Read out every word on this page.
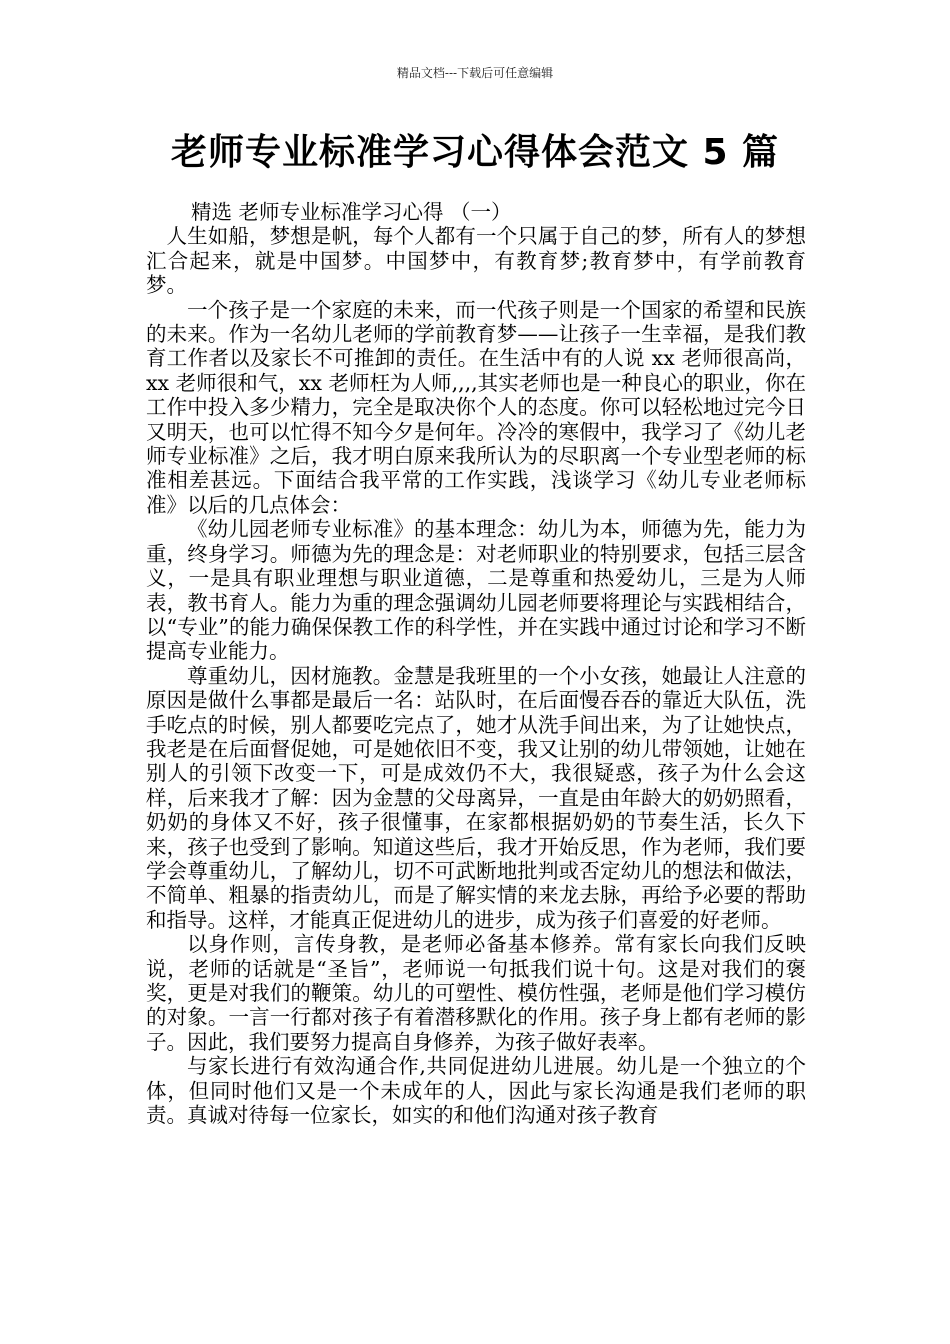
精品文档---下载后可任意编辑
老师专业标准学习心得体会范文 5 篇

精选 老师专业标准学习心得 （一）

人生如船，梦想是帆，每个人都有一个只属于自己的梦，所有人的梦想汇合起来，就是中国梦。中国梦中，有教育梦;教育梦中，有学前教育梦。

一个孩子是一个家庭的未来，而一代孩子则是一个国家的希望和民族的未来。作为一名幼儿老师的学前教育梦——让孩子一生幸福，是我们教育工作者以及家长不可推卸的责任。在生活中有的人说 xx 老师很高尚，xx 老师很和气，xx 老师枉为人师,,,,其实老师也是一种良心的职业，你在工作中投入多少精力，完全是取决你个人的态度。你可以轻松地过完今日又明天，也可以忙得不知今夕是何年。冷冷的寒假中，我学习了《幼儿老师专业标准》之后，我才明白原来我所认为的尽职离一个专业型老师的标准相差甚远。下面结合我平常的工作实践，浅谈学习《幼儿专业老师标准》以后的几点体会：

《幼儿园老师专业标准》的基本理念：幼儿为本，师德为先，能力为重，终身学习。师德为先的理念是：对老师职业的特别要求，包括三层含义，一是具有职业理想与职业道德，二是尊重和热爱幼儿，三是为人师表，教书育人。能力为重的理念强调幼儿园老师要将理论与实践相结合，以“专业”的能力确保保教工作的科学性，并在实践中通过讨论和学习不断提高专业能力。

尊重幼儿，因材施教。金慧是我班里的一个小女孩，她最让人注意的原因是做什么事都是最后一名：站队时，在后面慢吞吞的靠近大队伍，洗手吃点的时候，别人都要吃完点了，她才从洗手间出来，为了让她快点，我老是在后面督促她，可是她依旧不变，我又让别的幼儿带领她，让她在别人的引领下改变一下，可是成效仍不大，我很疑惑，孩子为什么会这样，后来我才了解：因为金慧的父母离异，一直是由年龄大的奶奶照看，奶奶的身体又不好，孩子很懂事，在家都根据奶奶的节奏生活，长久下来，孩子也受到了影响。知道这些后，我才开始反思，作为老师，我们要学会尊重幼儿，了解幼儿，切不可武断地批判或否定幼儿的想法和做法，不简单、粗暴的指责幼儿，而是了解实情的来龙去脉，再给予必要的帮助和指导。这样，才能真正促进幼儿的进步，成为孩子们喜爱的好老师。

以身作则，言传身教，是老师必备基本修养。常有家长向我们反映说，老师的话就是“圣旨”，老师说一句抵我们说十句。这是对我们的褒奖，更是对我们的鞭策。幼儿的可塑性、模仿性强，老师是他们学习模仿的对象。一言一行都对孩子有着潜移默化的作用。孩子身上都有老师的影子。因此，我们要努力提高自身修养，为孩子做好表率。

与家长进行有效沟通合作,共同促进幼儿进展。幼儿是一个独立的个体，但同时他们又是一个未成年的人，因此与家长沟通是我们老师的职责。真诚对待每一位家长，如实的和他们沟通对孩子教育
